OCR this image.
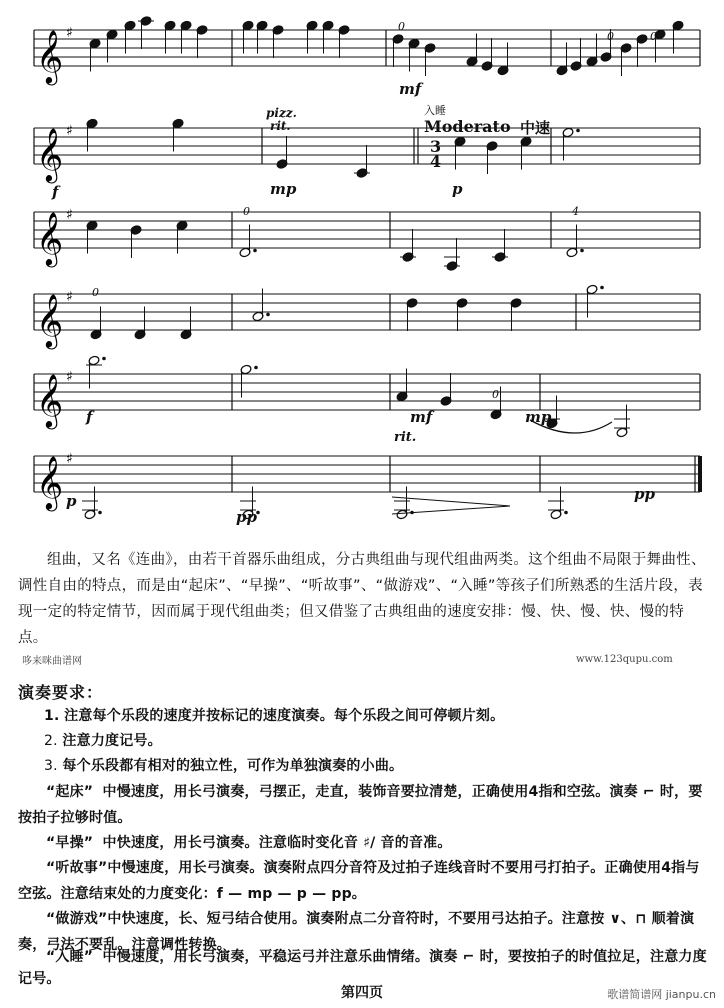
𝄞 ♯
𝄞 ♯
𝄞 ♯
𝄞 ♯
𝄞 ♯
𝄞 ♯
mf
f
pizz.
rit.
mp
入睡
Moderato 中速
3
4
p
0
0	0
0	4
0
0
f	mf	mp
rit.
p
pp
pp

组曲，又名《连曲》，由若干首器乐曲组成，分古典组曲与现代组曲两类。这个组曲不局限于舞曲性、调性自由的特点，而是由“起床”、“早操”、“听故事”、“做游戏”、“入睡”等孩子们所熟悉的生活片段，表现一定的特定情节，因而属于现代组曲类；但又借鉴了古典组曲的速度安排：慢、快、慢、快、慢的特点。

哆来咪曲谱网	www.123qupu.com
演奏要求：

1. 注意每个乐段的速度并按标记的速度演奏。每个乐段之间可停顿片刻。

2. 注意力度记号。

3. 每个乐段都有相对的独立性，可作为单独演奏的小曲。

“起床” 中慢速度，用长弓演奏，弓摆正，走直，装饰音要拉清楚，正确使用4指和空弦。演奏 ⌐ 时，要按拍子拉够时值。

“早操” 中快速度，用长弓演奏。注意临时变化音 ♯/ 音的音准。

“听故事”中慢速度，用长弓演奏。演奏附点四分音符及过拍子连线音时不要用弓打拍子。正确使用4指与空弦。注意结束处的力度变化：f — mp — p — pp。

“做游戏”中快速度，长、短弓结合使用。演奏附点二分音符时，不要用弓达拍子。注意按 ∨、⊓ 顺着演奏，弓法不要乱。注意调性转换。

“入睡” 中慢速度，用长弓演奏，平稳运弓并注意乐曲情绪。演奏 ⌐ 时，要按拍子的时值拉足，注意力度记号。

第四页	歌谱简谱网 jianpu.cn
